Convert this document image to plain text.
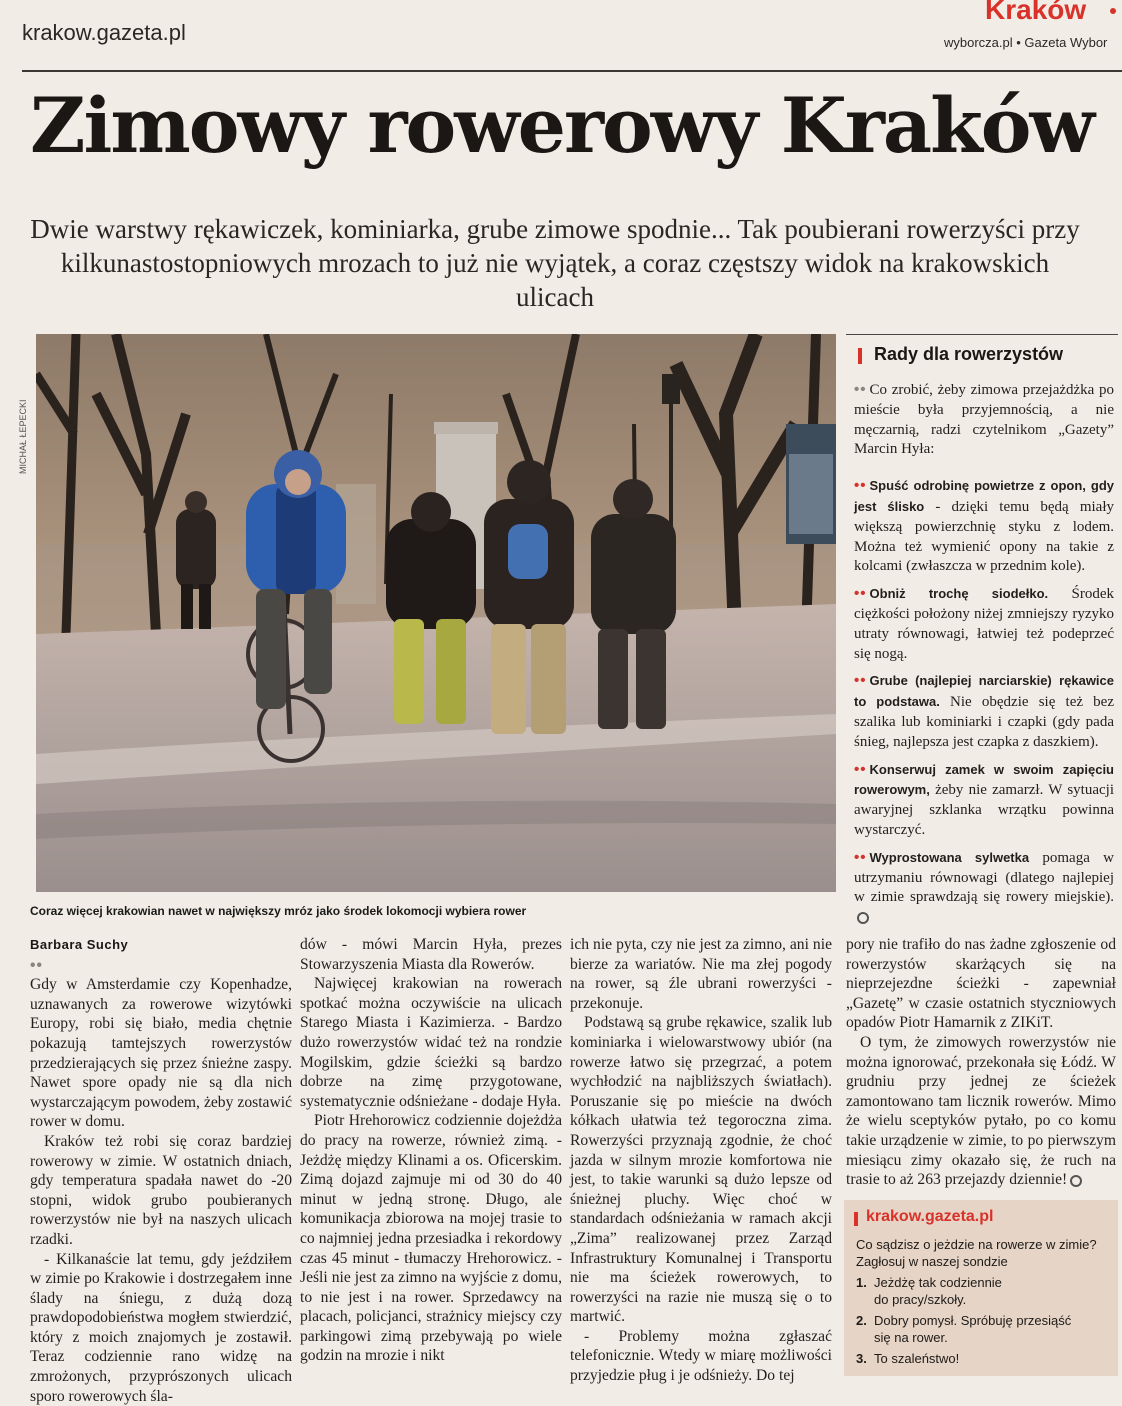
krakow.gazeta.pl
Kraków
wyborcza.pl • Gazeta Wybor
Zimowy rowerowy Kraków
Dwie warstwy rękawiczek, kominiarka, grube zimowe spodnie... Tak poubierani rowerzyści przy kilkunastostopniowych mrozach to już nie wyjątek, a coraz częstszy widok na krakowskich ulicach
MICHAŁ ŁEPECKI
Coraz więcej krakowian nawet w największy mróz jako środek lokomocji wybiera rower
Rady dla rowerzystów

•• Co zrobić, żeby zimowa przejażdżka po mieście była przyjemnością, a nie męczarnią, radzi czytelnikom „Gazety” Marcin Hyła:

•• Spuść odrobinę powietrze z opon, gdy jest ślisko - dzięki temu będą miały większą powierzchnię styku z lodem. Można też wymienić opony na takie z kolcami (zwłaszcza w przednim kole).

•• Obniż trochę siodełko. Środek ciężkości położony niżej zmniejszy ryzyko utraty równowagi, łatwiej też podeprzeć się nogą.

•• Grube (najlepiej narciarskie) rękawice to podstawa. Nie obędzie się też bez szalika lub kominiarki i czapki (gdy pada śnieg, najlepsza jest czapka z daszkiem).

•• Konserwuj zamek w swoim zapięciu rowerowym, żeby nie zamarzł. W sytuacji awaryjnej szklanka wrzątku powinna wystarczyć.

•• Wyprostowana sylwetka pomaga w utrzymaniu równowagi (dlatego najlepiej w zimie sprawdzają się rowery miejskie).

Barbara Suchy
••

Gdy w Amsterdamie czy Kopenhadze, uznawanych za rowerowe wizytówki Europy, robi się biało, media chętnie pokazują tamtejszych rowerzystów przedzierających się przez śnieżne zaspy. Nawet spore opady nie są dla nich wystarczającym powodem, żeby zostawić rower w domu.

Kraków też robi się coraz bardziej rowerowy w zimie. W ostatnich dniach, gdy temperatura spadała nawet do -20 stopni, widok grubo poubieranych rowerzystów nie był na naszych ulicach rzadki.

- Kilkanaście lat temu, gdy jeździłem w zimie po Krakowie i dostrzegałem inne ślady na śniegu, z dużą dozą prawdopodobieństwa mogłem stwierdzić, który z moich znajomych je zostawił. Teraz codziennie rano widzę na zmrożonych, przyprószonych ulicach sporo rowerowych śla-

dów - mówi Marcin Hyła, prezes Stowarzyszenia Miasta dla Rowerów.

Najwięcej krakowian na rowerach spotkać można oczywiście na ulicach Starego Miasta i Kazimierza. - Bardzo dużo rowerzystów widać też na rondzie Mogilskim, gdzie ścieżki są bardzo dobrze na zimę przygotowane, systematycznie odśnieżane - dodaje Hyła.

Piotr Hrehorowicz codziennie dojeżdża do pracy na rowerze, również zimą. - Jeżdżę między Klinami a os. Oficerskim. Zimą dojazd zajmuje mi od 30 do 40 minut w jedną stronę. Długo, ale komunikacja zbiorowa na mojej trasie to co najmniej jedna przesiadka i rekordowy czas 45 minut - tłumaczy Hrehorowicz. - Jeśli nie jest za zimno na wyjście z domu, to nie jest i na rower. Sprzedawcy na placach, policjanci, strażnicy miejscy czy parkingowi zimą przebywają po wiele godzin na mrozie i nikt

ich nie pyta, czy nie jest za zimno, ani nie bierze za wariatów. Nie ma złej pogody na rower, są źle ubrani rowerzyści - przekonuje.

Podstawą są grube rękawice, szalik lub kominiarka i wielowarstwowy ubiór (na rowerze łatwo się przegrzać, a potem wychłodzić na najbliższych światłach). Poruszanie się po mieście na dwóch kółkach ułatwia też tegoroczna zima. Rowerzyści przyznają zgodnie, że choć jazda w silnym mrozie komfortowa nie jest, to takie warunki są dużo lepsze od śnieżnej pluchy. Więc choć w standardach odśnieżania w ramach akcji „Zima” realizowanej przez Zarząd Infrastruktury Komunalnej i Transportu nie ma ścieżek rowerowych, to rowerzyści na razie nie muszą się o to martwić.

- Problemy można zgłaszać telefonicznie. Wtedy w miarę możliwości przyjedzie pług i je odśnieży. Do tej

pory nie trafiło do nas żadne zgłoszenie od rowerzystów skarżących się na nieprzejezdne ścieżki - zapewniał „Gazetę” w czasie ostatnich styczniowych opadów Piotr Hamarnik z ZIKiT.

O tym, że zimowych rowerzystów nie można ignorować, przekonała się Łódź. W grudniu przy jednej ze ścieżek zamontowano tam licznik rowerów. Mimo że wielu sceptyków pytało, po co komu takie urządzenie w zimie, to po pierwszym miesiącu zimy okazało się, że ruch na trasie to aż 263 przejazdy dziennie!

krakow.gazeta.pl
Co sądzisz o jeżdzie na rowerze w zimie? Zagłosuj w naszej sondzie
1. Jeżdżę tak codziennie
do pracy/szkoły.
2. Dobry pomysł. Spróbuję przesiąść
się na rower.
3. To szaleństwo!
